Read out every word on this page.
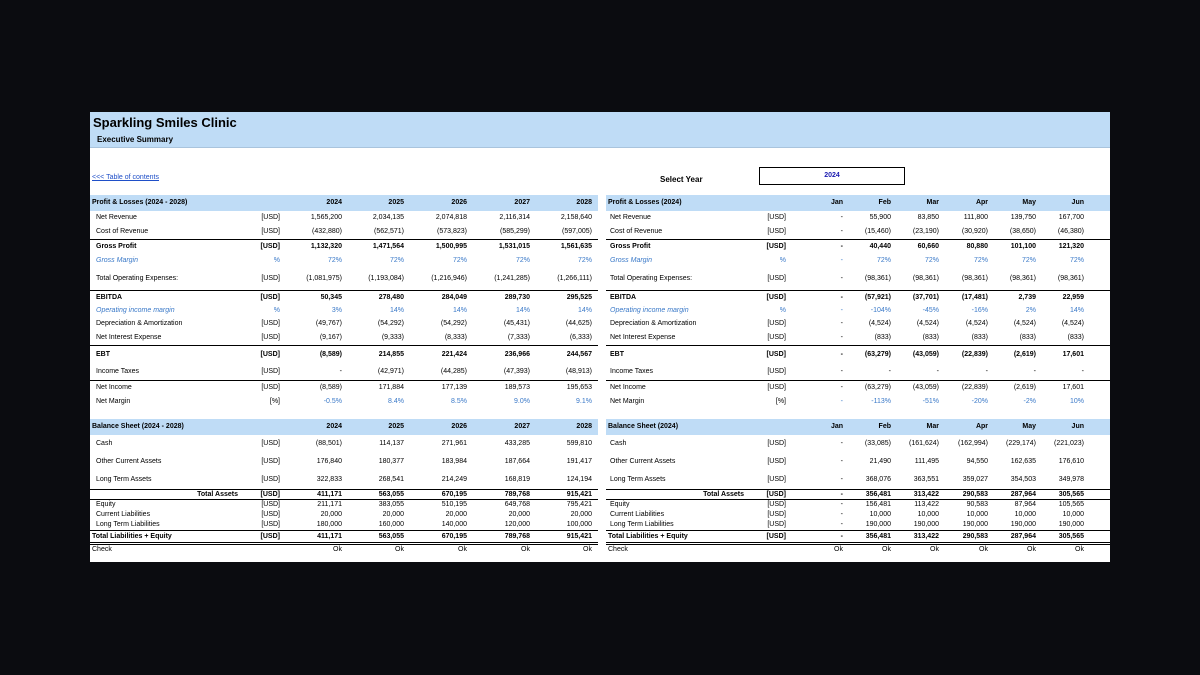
Sparkling Smiles Clinic
Executive Summary
<<< Table of contents	Select Year	2024
Profit & Losses (2024 - 2028)	2024	2025	2026	2027	2028
Net Revenue	[USD]	1,565,200	2,034,135	2,074,818	2,116,314	2,158,640
Cost of Revenue	[USD]	(432,880)	(562,571)	(573,823)	(585,299)	(597,005)
Gross Profit	[USD]	1,132,320	1,471,564	1,500,995	1,531,015	1,561,635
Gross Margin	%	72%	72%	72%	72%	72%
Total Operating Expenses:	[USD]	(1,081,975)	(1,193,084)	(1,216,946)	(1,241,285)	(1,266,111)
EBITDA	[USD]	50,345	278,480	284,049	289,730	295,525
Operating income margin	%	3%	14%	14%	14%	14%
Depreciation & Amortization	[USD]	(49,767)	(54,292)	(54,292)	(45,431)	(44,625)
Net Interest Expense	[USD]	(9,167)	(9,333)	(8,333)	(7,333)	(6,333)
EBT	[USD]	(8,589)	214,855	221,424	236,966	244,567
Income Taxes	[USD]	-	(42,971)	(44,285)	(47,393)	(48,913)
Net Income	[USD]	(8,589)	171,884	177,139	189,573	195,653
Net Margin	[%]	-0.5%	8.4%	8.5%	9.0%	9.1%
Profit & Losses (2024)	Jan	Feb	Mar	Apr	May	Jun
Net Revenue	[USD]	-	55,900	83,850	111,800	139,750	167,700
Cost of Revenue	[USD]	-	(15,460)	(23,190)	(30,920)	(38,650)	(46,380)
Gross Profit	[USD]	-	40,440	60,660	80,880	101,100	121,320
Gross Margin	%	-	72%	72%	72%	72%	72%
Total Operating Expenses:	[USD]	-	(98,361)	(98,361)	(98,361)	(98,361)	(98,361)
EBITDA	[USD]	-	(57,921)	(37,701)	(17,481)	2,739	22,959
Operating income margin	%	-	-104%	-45%	-16%	2%	14%
Depreciation & Amortization	[USD]	-	(4,524)	(4,524)	(4,524)	(4,524)	(4,524)
Net Interest Expense	[USD]	-	(833)	(833)	(833)	(833)	(833)
EBT	[USD]	-	(63,279)	(43,059)	(22,839)	(2,619)	17,601
Income Taxes	[USD]	-	-	-	-	-	-
Net Income	[USD]	-	(63,279)	(43,059)	(22,839)	(2,619)	17,601
Net Margin	[%]	-	-113%	-51%	-20%	-2%	10%
Balance Sheet (2024 - 2028)	2024	2025	2026	2027	2028
Cash	[USD]	(88,501)	114,137	271,961	433,285	599,810
Other Current Assets	[USD]	176,840	180,377	183,984	187,664	191,417
Long Term Assets	[USD]	322,833	268,541	214,249	168,819	124,194
Total Assets	[USD]	411,171	563,055	670,195	789,768	915,421
Equity	[USD]	211,171	383,055	510,195	649,768	795,421
Current Liabilities	[USD]	20,000	20,000	20,000	20,000	20,000
Long Term Liabilities	[USD]	180,000	160,000	140,000	120,000	100,000
Total Liabilities + Equity	[USD]	411,171	563,055	670,195	789,768	915,421
Check	Ok	Ok	Ok	Ok	Ok
Balance Sheet (2024)	Jan	Feb	Mar	Apr	May	Jun
Cash	[USD]	-	(33,085)	(161,624)	(162,994)	(229,174)	(221,023)
Other Current Assets	[USD]	-	21,490	111,495	94,550	162,635	176,610
Long Term Assets	[USD]	-	368,076	363,551	359,027	354,503	349,978
Total Assets	[USD]	-	356,481	313,422	290,583	287,964	305,565
Equity	[USD]	-	156,481	113,422	90,583	87,964	105,565
Current Liabilities	[USD]	-	10,000	10,000	10,000	10,000	10,000
Long Term Liabilities	[USD]	-	190,000	190,000	190,000	190,000	190,000
Total Liabilities + Equity	[USD]	-	356,481	313,422	290,583	287,964	305,565
Check	Ok	Ok	Ok	Ok	Ok	Ok
